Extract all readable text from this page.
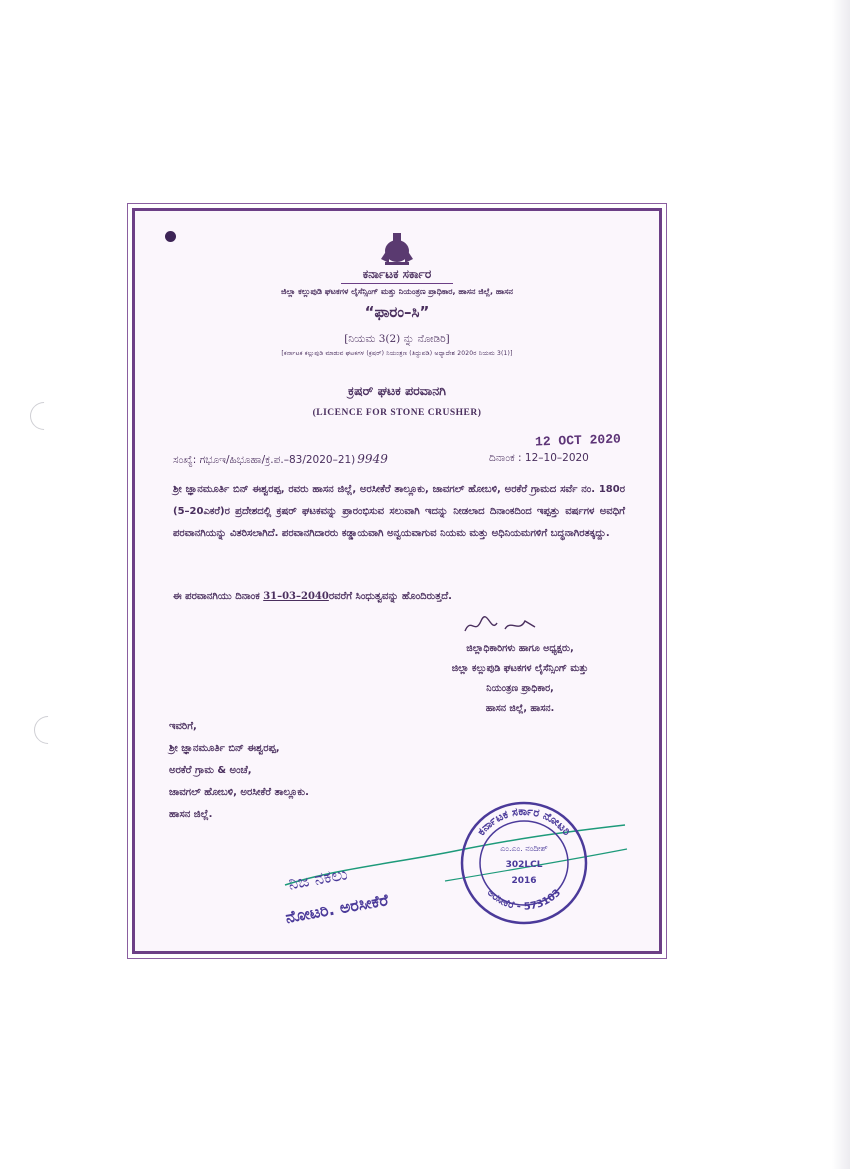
ಕರ್ನಾಟಕ ಸರ್ಕಾರ
ಜಿಲ್ಲಾ ಕಲ್ಲುಪುಡಿ ಘಟಕಗಳ ಲೈಸೆನ್ಸಿಂಗ್ ಮತ್ತು ನಿಯಂತ್ರಣ ಪ್ರಾಧಿಕಾರ, ಹಾಸನ ಜಿಲ್ಲೆ, ಹಾಸನ
“ಫಾರಂ–ಸಿ”
[ನಿಯಮ 3(2) ನ್ನು ನೋಡಿರಿ]
[ಕರ್ನಾಟಕ ಕಲ್ಲುಪುಡಿ ಮಾಡುವ ಘಟಕಗಳ (ಕ್ರಷರ್) ನಿಯಂತ್ರಣ (ತಿದ್ದುಪಡಿ) ಅಧ್ಯಾದೇಶ 2020ರ ನಿಯಮ 3(1)]
ಕ್ರಷರ್ ಘಟಕ ಪರವಾನಗಿ
(LICENCE FOR STONE CRUSHER)
12 OCT 2020
ಸಂಖ್ಯೆ: ಗಭೂಇ/ಹಿಭೂಹಾ/ಕ್ರ.ಪ.–83/2020–21) 9949	ದಿನಾಂಕ : 12–10–2020
ಶ್ರೀ ಜ್ಞಾನಮೂರ್ತಿ ಬಿನ್ ಈಶ್ವರಪ್ಪ, ರವರು ಹಾಸನ ಜಿಲ್ಲೆ, ಅರಸೀಕೆರೆ ತಾಲ್ಲೂಕು, ಜಾವಗಲ್ ಹೋಬಳಿ, ಅರಕೆರೆ ಗ್ರಾಮದ ಸರ್ವೆ ನಂ. 180ರ (5–20ಎಕರೆ)ರ ಪ್ರದೇಶದಲ್ಲಿ ಕ್ರಷರ್ ಘಟಕವನ್ನು ಪ್ರಾರಂಭಿಸುವ ಸಲುವಾಗಿ ಇದನ್ನು ನೀಡಲಾದ ದಿನಾಂಕದಿಂದ ಇಪ್ಪತ್ತು ವರ್ಷಗಳ ಅವಧಿಗೆ ಪರವಾನಗಿಯನ್ನು ವಿತರಿಸಲಾಗಿದೆ. ಪರವಾನಗಿದಾರರು ಕಡ್ಡಾಯವಾಗಿ ಅನ್ವಯವಾಗುವ ನಿಯಮ ಮತ್ತು ಅಧಿನಿಯಮಗಳಿಗೆ ಬದ್ಧನಾಗಿರತಕ್ಕದ್ದು.
ಈ ಪರವಾನಗಿಯು ದಿನಾಂಕ 31–03–2040ರವರೆಗೆ ಸಿಂಧುತ್ವವನ್ನು ಹೊಂದಿರುತ್ತದೆ.
ಜಿಲ್ಲಾಧಿಕಾರಿಗಳು ಹಾಗೂ ಅಧ್ಯಕ್ಷರು,
ಜಿಲ್ಲಾ ಕಲ್ಲುಪುಡಿ ಘಟಕಗಳ ಲೈಸೆನ್ಸಿಂಗ್ ಮತ್ತು
ನಿಯಂತ್ರಣ ಪ್ರಾಧಿಕಾರ,
ಹಾಸನ ಜಿಲ್ಲೆ, ಹಾಸನ.
ಇವರಿಗೆ,
ಶ್ರೀ ಜ್ಞಾನಮೂರ್ತಿ ಬಿನ್ ಈಶ್ವರಪ್ಪ,
ಅರಕೆರೆ ಗ್ರಾಮ & ಅಂಚೆ,
ಜಾವಗಲ್ ಹೋಬಳಿ, ಅರಸೀಕೆರೆ ತಾಲ್ಲೂಕು.
ಹಾಸನ ಜಿಲ್ಲೆ.
ನೋಟರಿ. ಅರಸೀಕೆರೆ
ನಿಜ ನಕಲು
ಕರ್ನಾಟಕ ಸರ್ಕಾರ ನೋಟರಿ
ಅರಸೀಕೆರೆ - 573103
ಎಂ.ಎಂ. ನಂದೀಶ್
302LCL
2016
